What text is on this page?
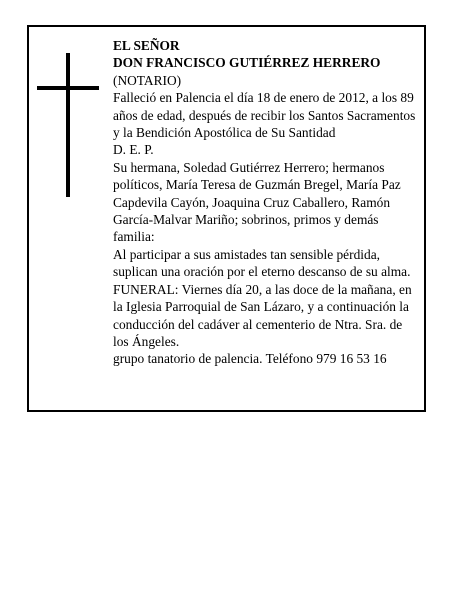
EL SEÑOR

DON FRANCISCO GUTIÉRREZ HERRERO

(NOTARIO)

Falleció en Palencia el día 18 de enero de 2012, a los 89 años de edad, después de recibir los Santos Sacramentos y la Bendición Apostólica de Su Santidad

D. E. P.

Su hermana, Soledad Gutiérrez Herrero; hermanos políticos, María Teresa de Guzmán Bregel, María Paz Capdevila Cayón, Joaquina Cruz Caballero, Ramón García-Malvar Mariño; sobrinos, primos y demás familia:

Al participar a sus amistades tan sensible pérdida, suplican una oración por el eterno descanso de su alma.

FUNERAL: Viernes día 20, a las doce de la mañana, en la Iglesia Parroquial de San Lázaro, y a continuación la conducción del cadáver al cementerio de Ntra. Sra. de los Ángeles.

grupo tanatorio de palencia. Teléfono 979 16 53 16
